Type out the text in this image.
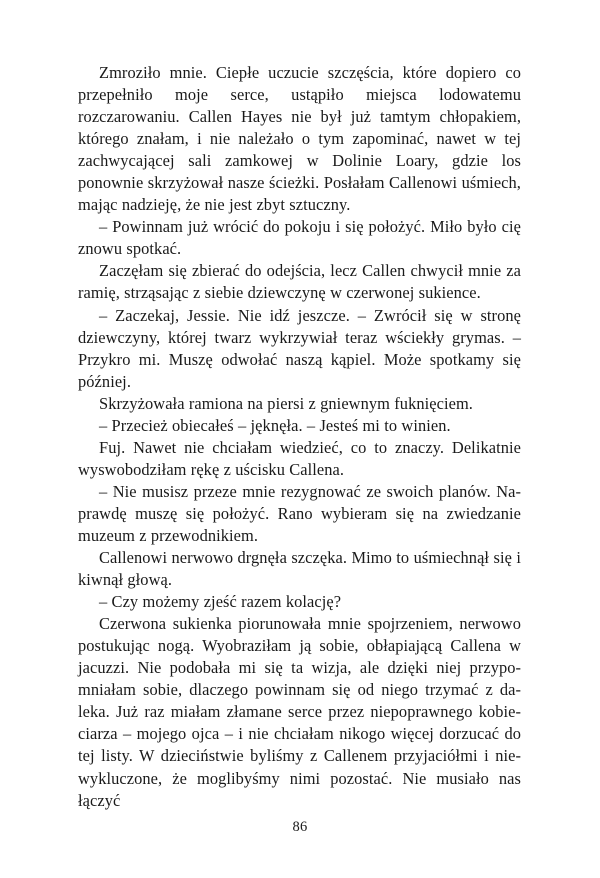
Zmroziło mnie. Ciepłe uczucie szczęścia, które dopiero co przepełniło moje serce, ustąpiło miejsca lodowatemu rozczarowaniu. Callen Hayes nie był już tamtym chłopakiem, którego znałam, i nie należało o tym zapominać, nawet w tej zachwycającej sali zamkowej w Dolinie Loary, gdzie los ponownie skrzyżował nasze ścieżki. Posłałam Callenowi uśmiech, mając nadzieję, że nie jest zbyt sztuczny.

– Powinnam już wrócić do pokoju i się położyć. Miło było cię znowu spotkać.

Zaczęłam się zbierać do odejścia, lecz Callen chwycił mnie za ramię, strząsając z siebie dziewczynę w czerwonej sukience.

– Zaczekaj, Jessie. Nie idź jeszcze. – Zwrócił się w stronę dziewczyny, której twarz wykrzywiał teraz wściekły grymas. – Przykro mi. Muszę odwołać naszą kąpiel. Może spotkamy się później.

Skrzyżowała ramiona na piersi z gniewnym fuknięciem.

– Przecież obiecałeś – jęknęła. – Jesteś mi to winien.

Fuj. Nawet nie chciałam wiedzieć, co to znaczy. Delikatnie wyswobodziłam rękę z uścisku Callena.

– Nie musisz przeze mnie rezygnować ze swoich planów. Naprawdę muszę się położyć. Rano wybieram się na zwiedzanie muzeum z przewodnikiem.

Callenowi nerwowo drgnęła szczęka. Mimo to uśmiechnął się i kiwnął głową.

– Czy możemy zjeść razem kolację?

Czerwona sukienka piorunowała mnie spojrzeniem, nerwowo postukując nogą. Wyobraziłam ją sobie, obłapiającą Callena w jacuzzi. Nie podobała mi się ta wizja, ale dzięki niej przypomniałam sobie, dlaczego powinnam się od niego trzymać z daleka. Już raz miałam złamane serce przez niepoprawnego kobieciarza – mojego ojca – i nie chciałam nikogo więcej dorzucać do tej listy. W dzieciństwie byliśmy z Callenem przyjaciółmi i niewykluczone, że moglibyśmy nimi pozostać. Nie musiało nas łączyć

86
